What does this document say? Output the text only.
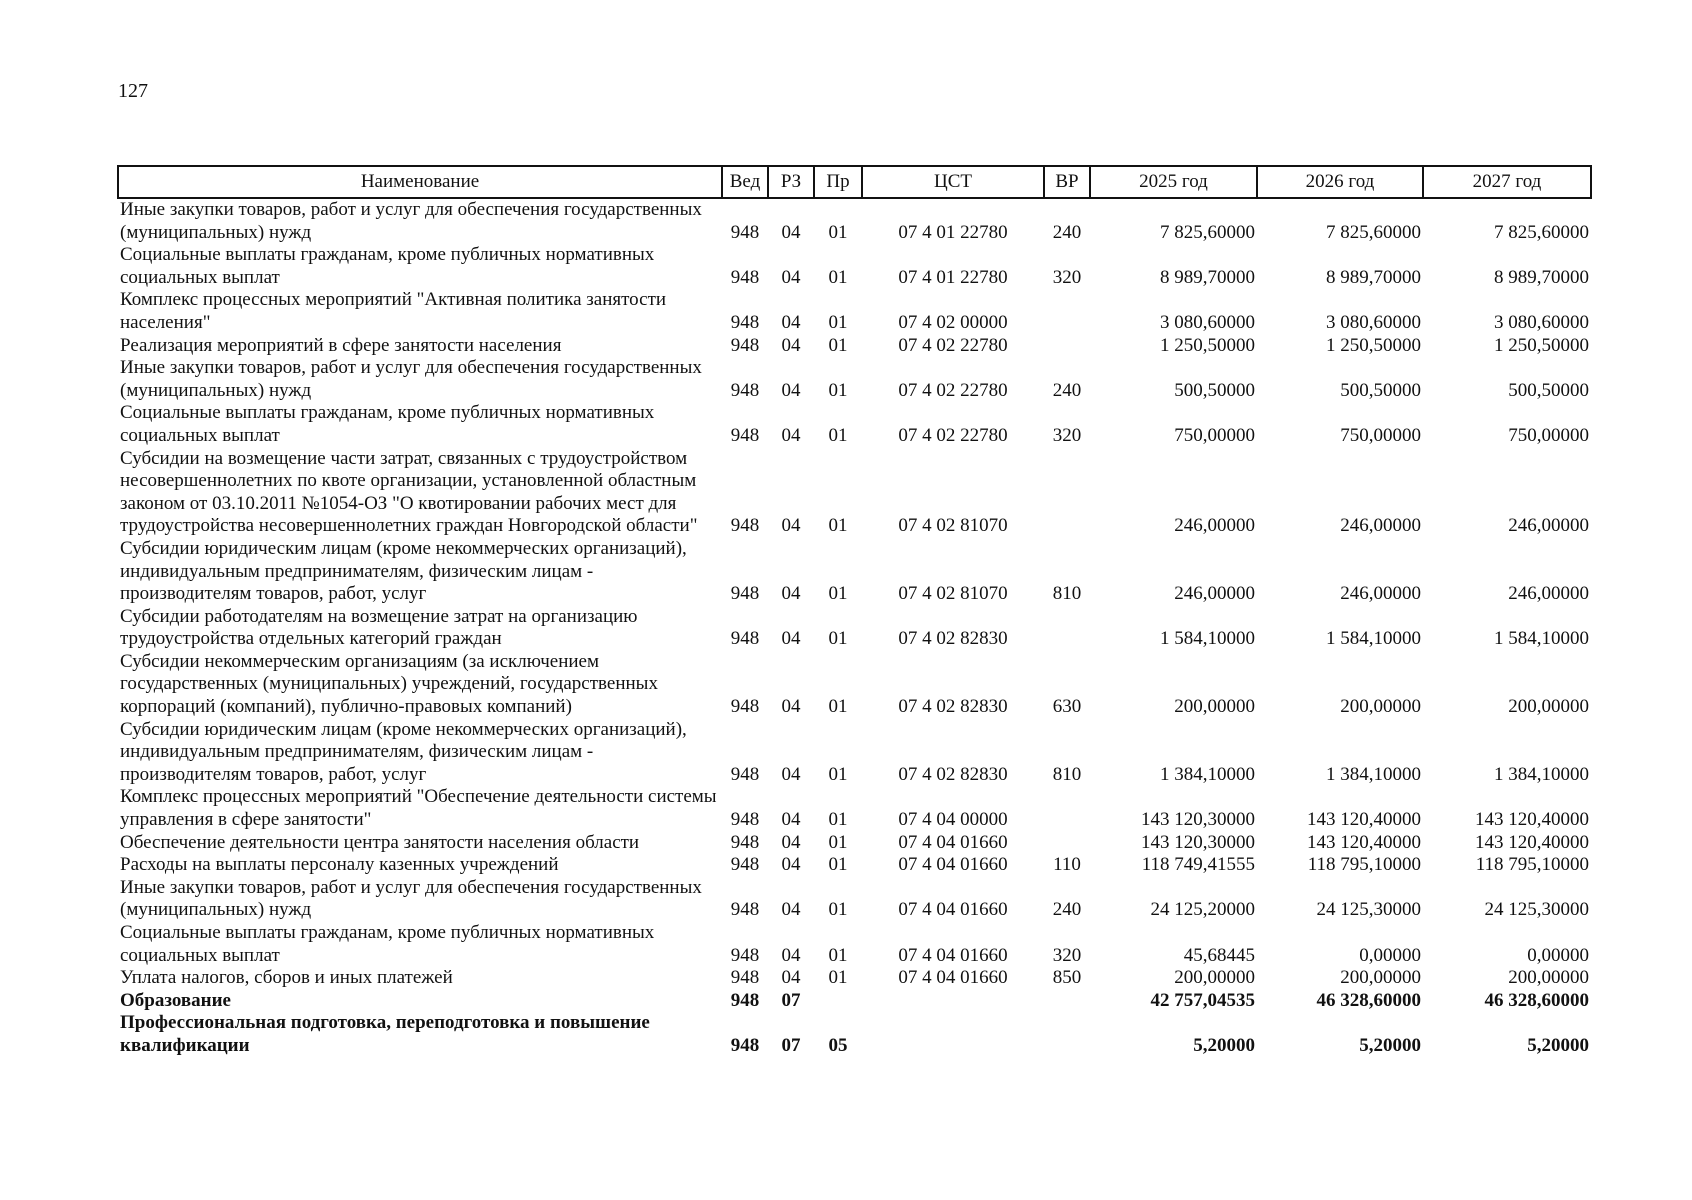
127
Наименование	Вед	РЗ	Пр	ЦСТ	ВР	2025 год	2026 год	2027 год
Иные закупки товаров, работ и услуг для обеспечения государственных (муниципальных) нужд	948	04	01	07 4 01 22780	240	7 825,60000	7 825,60000	7 825,60000
Социальные выплаты гражданам, кроме публичных нормативных социальных выплат	948	04	01	07 4 01 22780	320	8 989,70000	8 989,70000	8 989,70000
Комплекс процессных мероприятий "Активная политика занятости населения"	948	04	01	07 4 02 00000		3 080,60000	3 080,60000	3 080,60000
Реализация мероприятий в сфере занятости населения	948	04	01	07 4 02 22780		1 250,50000	1 250,50000	1 250,50000
Иные закупки товаров, работ и услуг для обеспечения государственных (муниципальных) нужд	948	04	01	07 4 02 22780	240	500,50000	500,50000	500,50000
Социальные выплаты гражданам, кроме публичных нормативных социальных выплат	948	04	01	07 4 02 22780	320	750,00000	750,00000	750,00000
Субсидии на возмещение части затрат, связанных с трудоустройством несовершеннолетних по квоте организации, установленной областным законом от 03.10.2011 №1054-ОЗ "О квотировании рабочих мест для трудоустройства несовершеннолетних граждан Новгородской области"	948	04	01	07 4 02 81070		246,00000	246,00000	246,00000
Субсидии юридическим лицам (кроме некоммерческих организаций), индивидуальным предпринимателям, физическим лицам - производителям товаров, работ, услуг	948	04	01	07 4 02 81070	810	246,00000	246,00000	246,00000
Субсидии работодателям на возмещение затрат на организацию трудоустройства отдельных категорий граждан	948	04	01	07 4 02 82830		1 584,10000	1 584,10000	1 584,10000
Субсидии некоммерческим организациям (за исключением государственных (муниципальных) учреждений, государственных корпораций (компаний), публично-правовых компаний)	948	04	01	07 4 02 82830	630	200,00000	200,00000	200,00000
Субсидии юридическим лицам (кроме некоммерческих организаций), индивидуальным предпринимателям, физическим лицам - производителям товаров, работ, услуг	948	04	01	07 4 02 82830	810	1 384,10000	1 384,10000	1 384,10000
Комплекс процессных мероприятий "Обеспечение деятельности системы управления в сфере занятости"	948	04	01	07 4 04 00000		143 120,30000	143 120,40000	143 120,40000
Обеспечение деятельности центра занятости населения области	948	04	01	07 4 04 01660		143 120,30000	143 120,40000	143 120,40000
Расходы на выплаты персоналу казенных учреждений	948	04	01	07 4 04 01660	110	118 749,41555	118 795,10000	118 795,10000
Иные закупки товаров, работ и услуг для обеспечения государственных (муниципальных) нужд	948	04	01	07 4 04 01660	240	24 125,20000	24 125,30000	24 125,30000
Социальные выплаты гражданам, кроме публичных нормативных социальных выплат	948	04	01	07 4 04 01660	320	45,68445	0,00000	0,00000
Уплата налогов, сборов и иных платежей	948	04	01	07 4 04 01660	850	200,00000	200,00000	200,00000
Образование	948	07				42 757,04535	46 328,60000	46 328,60000
Профессиональная подготовка, переподготовка и повышение квалификации	948	07	05			5,20000	5,20000	5,20000
